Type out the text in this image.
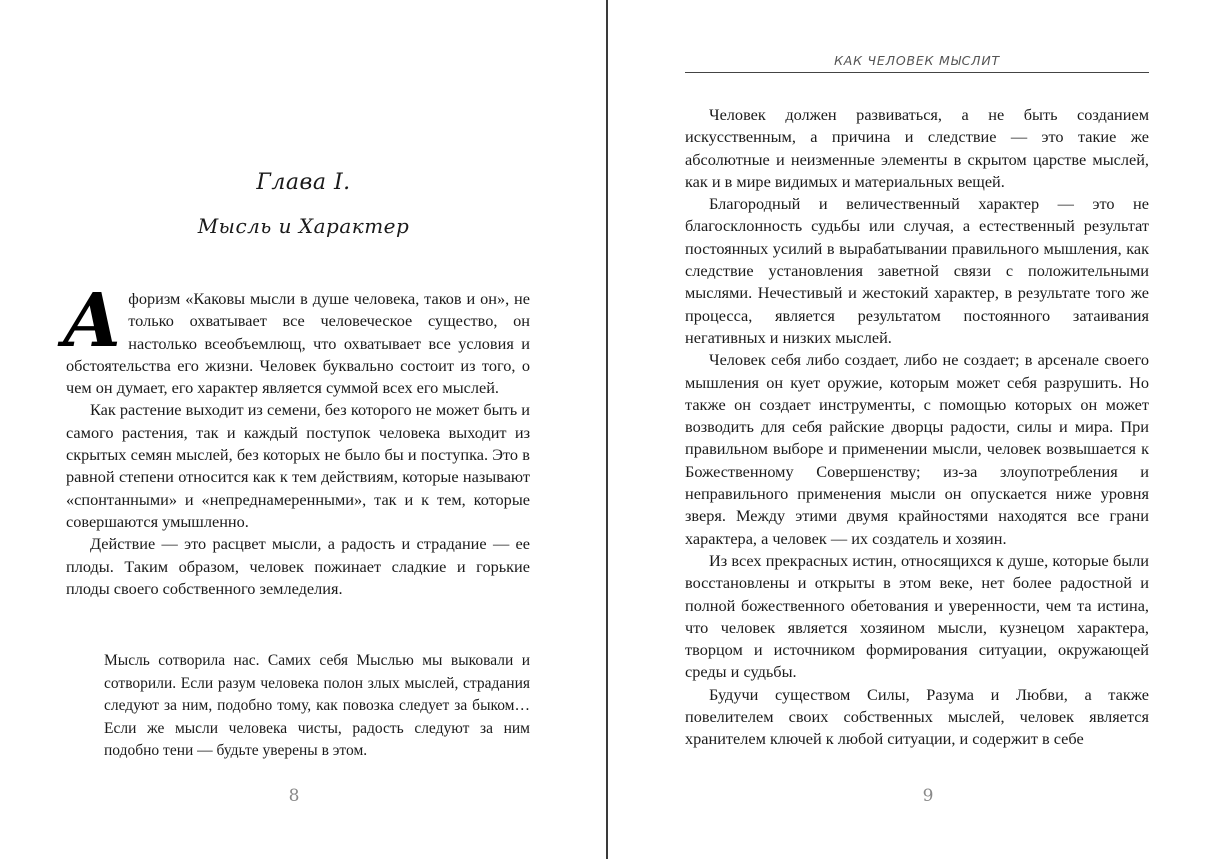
Глава I.
Мысль и Характер

Афоризм «Каковы мысли в душе человека, таков и он», не только охватывает все человеческое существо, он настолько всеобъемлющ, что охватывает все условия и обстоятельства его жизни. Человек буквально состоит из того, о чем он думает, его характер является суммой всех его мыслей.

Как растение выходит из семени, без которого не может быть и самого растения, так и каждый поступок человека выходит из скрытых семян мыслей, без которых не было бы и поступка. Это в равной степени относится как к тем действиям, которые называют «спонтанными» и «непреднамеренными», так и к тем, которые совершаются умышленно.

Действие — это расцвет мысли, а радость и страдание — ее плоды. Таким образом, человек пожинает сладкие и горькие плоды своего собственного земледелия.

Мысль сотворила нас. Самих себя Мыслью мы выковали и сотворили. Если разум человека полон злых мыслей, страдания следуют за ним, подобно тому, как повозка следует за быком… Если же мысли человека чисты, радость следуют за ним подобно тени — будьте уверены в этом.

8
КАК ЧЕЛОВЕК МЫСЛИТ

Человек должен развиваться, а не быть созданием искусственным, а причина и следствие — это такие же абсолютные и неизменные элементы в скрытом царстве мыслей, как и в мире видимых и материальных вещей.

Благородный и величественный характер — это не благосклонность судьбы или случая, а естественный результат постоянных усилий в вырабатывании правильного мышления, как следствие установления заветной связи с положительными мыслями. Нечестивый и жестокий характер, в результате того же процесса, является результатом постоянного затаивания негативных и низких мыслей.

Человек себя либо создает, либо не создает; в арсенале своего мышления он кует оружие, которым может себя разрушить. Но также он создает инструменты, с помощью которых он может возводить для себя райские дворцы радости, силы и мира. При правильном выборе и применении мысли, человек возвышается к Божественному Совершенству; из-за злоупотребления и неправильного применения мысли он опускается ниже уровня зверя. Между этими двумя крайностями находятся все грани характера, а человек — их создатель и хозяин.

Из всех прекрасных истин, относящихся к душе, которые были восстановлены и открыты в этом веке, нет более радостной и полной божественного обетования и уверенности, чем та истина, что человек является хозяином мысли, кузнецом характера, творцом и источником формирования ситуации, окружающей среды и судьбы.

Будучи существом Силы, Разума и Любви, а также повелителем своих собственных мыслей, человек является хранителем ключей к любой ситуации, и содержит в себе

9
